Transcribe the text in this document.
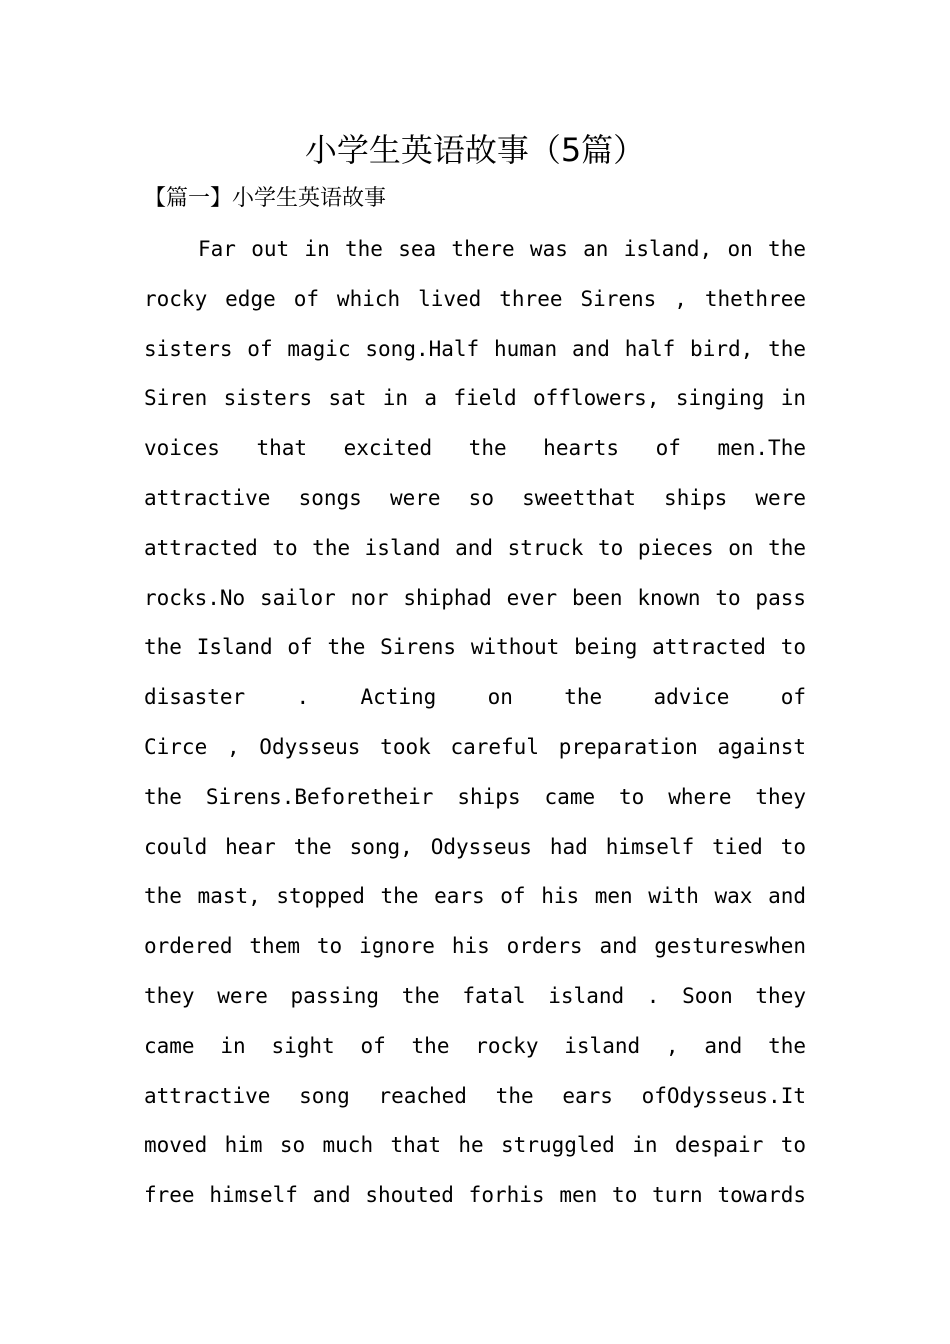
小学生英语故事（5篇）
【篇一】小学生英语故事
Far out in the sea there was an island, on the
rocky edge of which lived three Sirens , thethree
sisters of magic song.Half human and half bird, the
Siren sisters sat in a field offlowers, singing in
voices that excited the hearts of men.The
attractive songs were so sweetthat ships were
attracted to the island and struck to pieces on the
rocks.No sailor nor shiphad ever been known to pass
the Island of the Sirens without being attracted to
disaster . Acting on the advice of
Circe , Odysseus took careful preparation against
the Sirens.Beforetheir ships came to where they
could hear the song, Odysseus had himself tied to
the mast, stopped the ears of his men with wax and
ordered them to ignore his orders and gestureswhen
they were passing the fatal island . Soon they
came in sight of the rocky island , and the
attractive song reached the ears ofOdysseus.It
moved him so much that he struggled in despair to
free himself and shouted forhis men to turn towards
